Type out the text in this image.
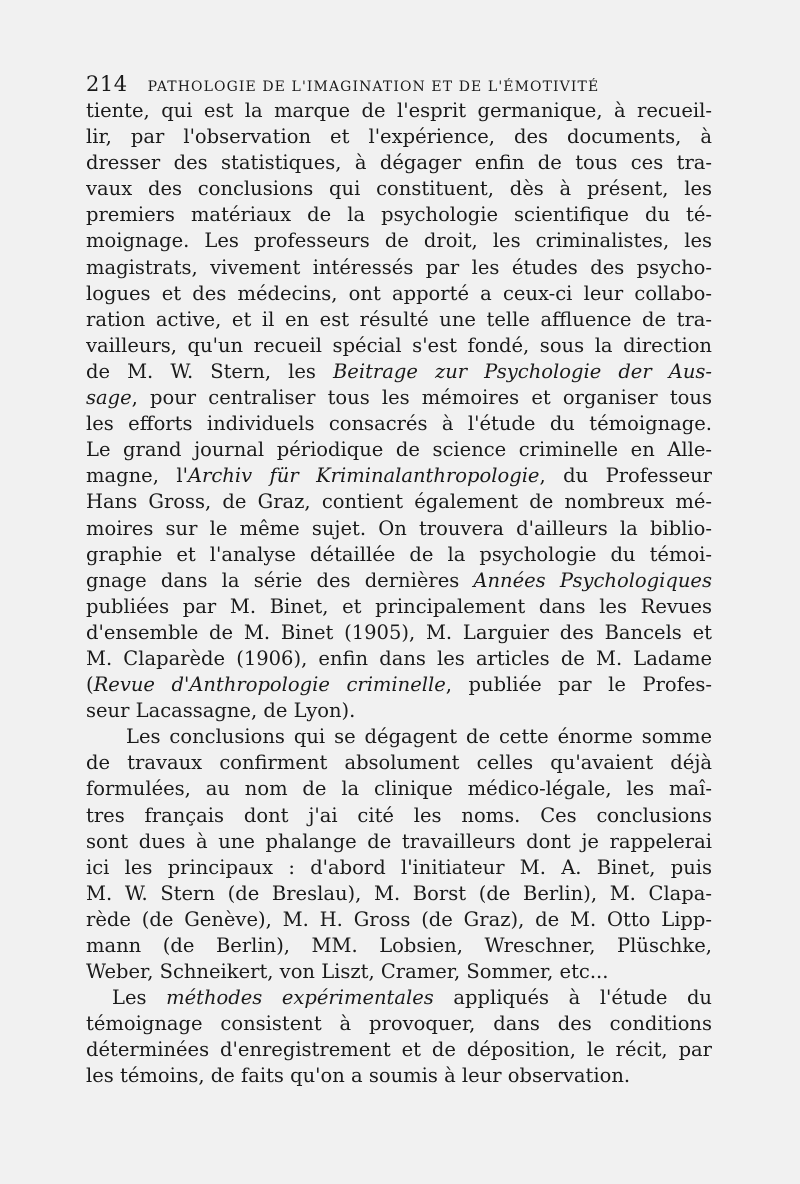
214 PATHOLOGIE DE L'IMAGINATION ET DE L'ÉMOTIVITÉ
tiente, qui est la marque de l'esprit germanique, à recueil-
lir, par l'observation et l'expérience, des documents, à
dresser des statistiques, à dégager enfin de tous ces tra-
vaux des conclusions qui constituent, dès à présent, les
premiers matériaux de la psychologie scientifique du té-
moignage. Les professeurs de droit, les criminalistes, les
magistrats, vivement intéressés par les études des psycho-
logues et des médecins, ont apporté a ceux-ci leur collabo-
ration active, et il en est résulté une telle affluence de tra-
vailleurs, qu'un recueil spécial s'est fondé, sous la direction
de M. W. Stern, les Beitrage zur Psychologie der Aus-
sage, pour centraliser tous les mémoires et organiser tous
les efforts individuels consacrés à l'étude du témoignage.
Le grand journal périodique de science criminelle en Alle-
magne, l'Archiv für Kriminalanthropologie, du Professeur
Hans Gross, de Graz, contient également de nombreux mé-
moires sur le même sujet. On trouvera d'ailleurs la biblio-
graphie et l'analyse détaillée de la psychologie du témoi-
gnage dans la série des dernières Années Psychologiques
publiées par M. Binet, et principalement dans les Revues
d'ensemble de M. Binet (1905), M. Larguier des Bancels et
M. Claparède (1906), enfin dans les articles de M. Ladame
(Revue d'Anthropologie criminelle, publiée par le Profes-
seur Lacassagne, de Lyon).
Les conclusions qui se dégagent de cette énorme somme
de travaux confirment absolument celles qu'avaient déjà
formulées, au nom de la clinique médico-légale, les maî-
tres français dont j'ai cité les noms. Ces conclusions
sont dues à une phalange de travailleurs dont je rappelerai
ici les principaux : d'abord l'initiateur M. A. Binet, puis
M. W. Stern (de Breslau), M. Borst (de Berlin), M. Clapa-
rède (de Genève), M. H. Gross (de Graz), de M. Otto Lipp-
mann (de Berlin), MM. Lobsien, Wreschner, Plüschke,
Weber, Schneikert, von Liszt, Cramer, Sommer, etc...
Les méthodes expérimentales appliqués à l'étude du
témoignage consistent à provoquer, dans des conditions
déterminées d'enregistrement et de déposition, le récit, par
les témoins, de faits qu'on a soumis à leur observation.
